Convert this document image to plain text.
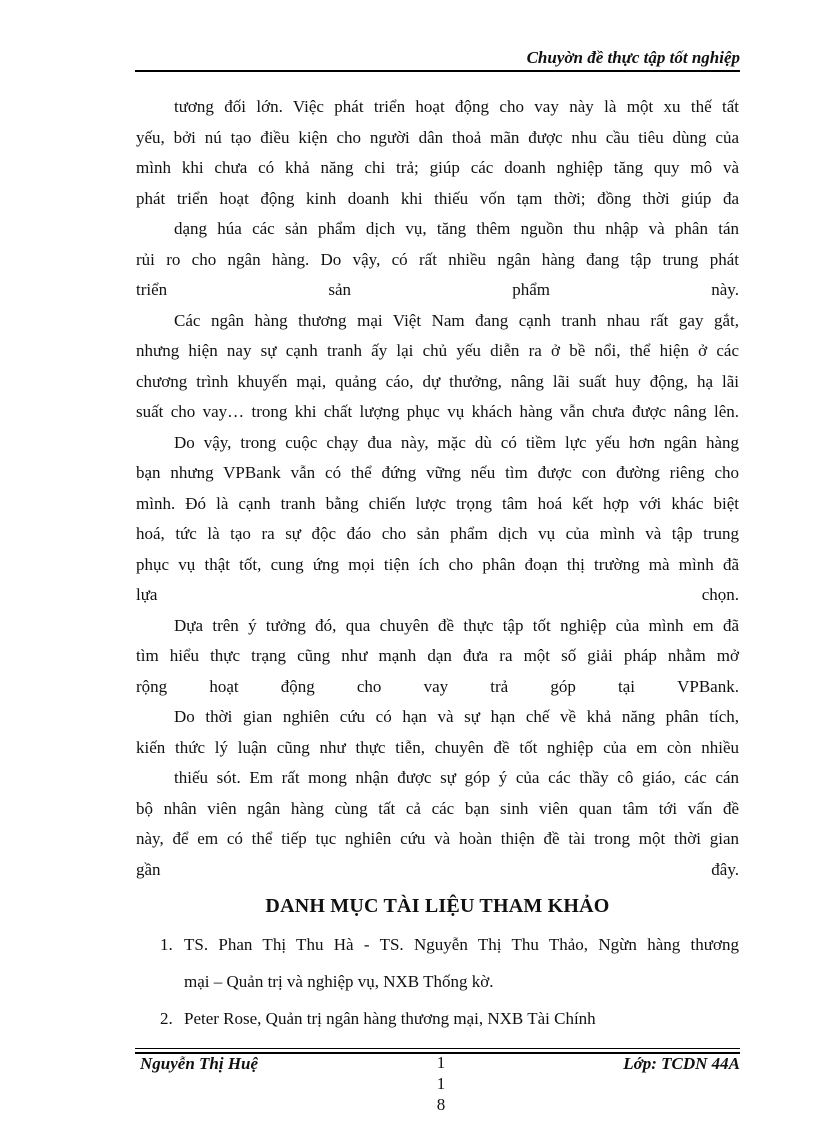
Chuyờn đề thực tập tốt nghiệp
tương đối lớn. Việc phát triển hoạt động cho vay này là một xu thế tất
yếu, bởi nú tạo điều kiện cho người dân thoả mãn được nhu cầu tiêu dùng của
mình khi chưa có khả năng chi trả; giúp các doanh nghiệp tăng quy mô và
phát triển hoạt động kinh doanh khi thiếu vốn tạm thời; đồng thời giúp đa
dạng húa các sản phẩm dịch vụ, tăng thêm nguồn thu nhập và phân tán
rủi ro cho ngân hàng. Do vậy, có rất nhiều ngân hàng đang tập trung phát
triển	sản	phẩm	này.
Các ngân hàng thương mại Việt Nam đang cạnh tranh nhau rất gay gắt,
nhưng hiện nay sự cạnh tranh ấy lại chủ yếu diễn ra ở bề nổi, thể hiện ở các
chương trình khuyến mại, quảng cáo, dự thưởng, nâng lãi suất huy động, hạ lãi
suất cho vay… trong khi chất lượng phục vụ khách hàng vẫn chưa được nâng lên.
Do vậy, trong cuộc chạy đua này, mặc dù có tiềm lực yếu hơn ngân hàng
bạn nhưng VPBank vẫn có thể đứng vững nếu tìm được con đường riêng cho
mình. Đó là cạnh tranh bằng chiến lược trọng tâm hoá kết hợp với khác biệt
hoá, tức là tạo ra sự độc đáo cho sản phẩm dịch vụ của mình và tập trung
phục vụ thật tốt, cung ứng mọi tiện ích cho phân đoạn thị trường mà mình đã
lựa	chọn.
Dựa trên ý tưởng đó, qua chuyên đề thực tập tốt nghiệp của mình em đã
tìm hiểu thực trạng cũng như mạnh dạn đưa ra một số giải pháp nhằm mở
rộng hoạt động cho vay trả góp tại VPBank.
Do thời gian nghiên cứu có hạn và sự hạn chế về khả năng phân tích,
kiến thức lý luận cũng như thực tiễn, chuyên đề tốt nghiệp của em còn nhiều
thiếu sót. Em rất mong nhận được sự góp ý của các thầy cô giáo, các cán
bộ nhân viên ngân hàng cùng tất cả các bạn sinh viên quan tâm tới vấn đề
này, để em có thể tiếp tục nghiên cứu và hoàn thiện đề tài trong một thời gian
gần	đây.
DANH MỤC TÀI LIỆU THAM KHẢO
1. TS. Phan Thị Thu Hà - TS. Nguyễn Thị Thu Thảo, Ngừn hàng thương
mại – Quản trị và nghiệp vụ, NXB Thống kờ.
2. Peter Rose, Quản trị ngân hàng thương mại, NXB Tài Chính
Nguyễn Thị Huệ	1
1
8
Lớp: TCDN 44A
